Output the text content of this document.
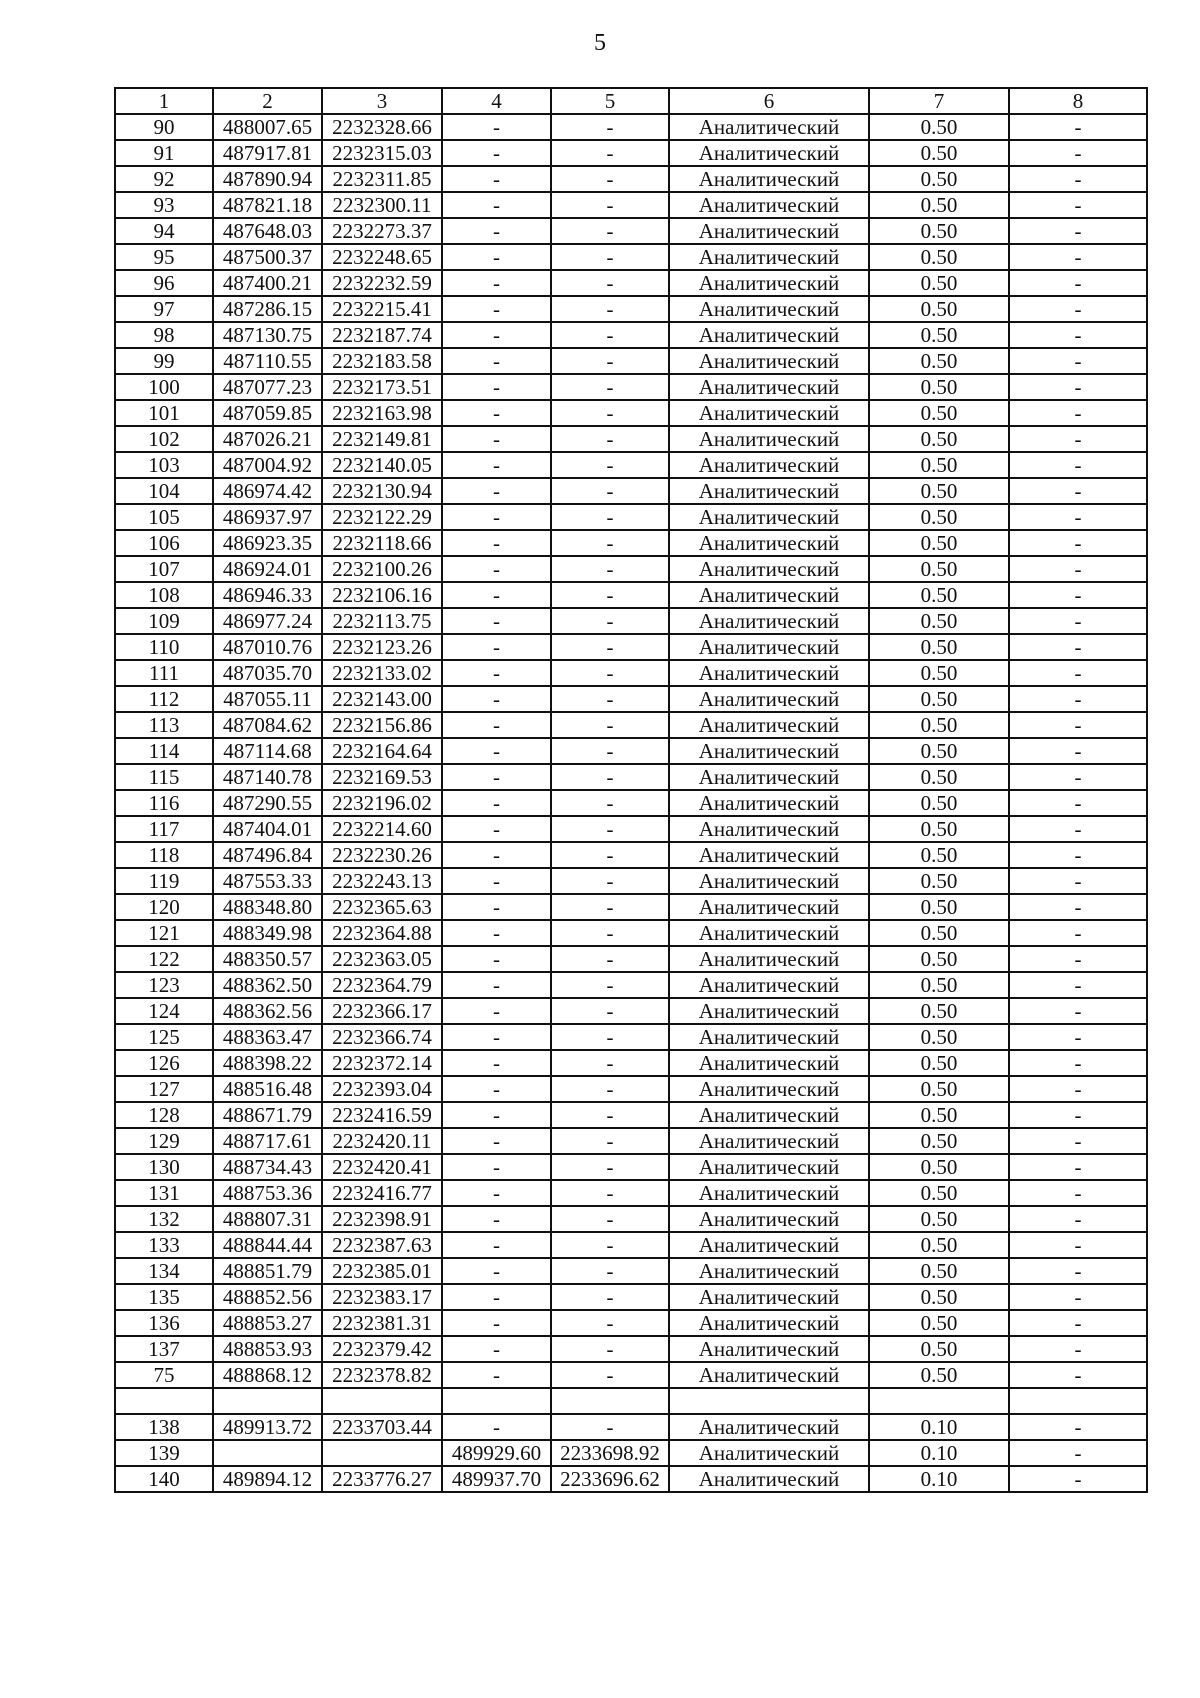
5
1	2	3	4	5	6	7	8
90	488007.65	2232328.66	-	-	Аналитический	0.50	-
91	487917.81	2232315.03	-	-	Аналитический	0.50	-
92	487890.94	2232311.85	-	-	Аналитический	0.50	-
93	487821.18	2232300.11	-	-	Аналитический	0.50	-
94	487648.03	2232273.37	-	-	Аналитический	0.50	-
95	487500.37	2232248.65	-	-	Аналитический	0.50	-
96	487400.21	2232232.59	-	-	Аналитический	0.50	-
97	487286.15	2232215.41	-	-	Аналитический	0.50	-
98	487130.75	2232187.74	-	-	Аналитический	0.50	-
99	487110.55	2232183.58	-	-	Аналитический	0.50	-
100	487077.23	2232173.51	-	-	Аналитический	0.50	-
101	487059.85	2232163.98	-	-	Аналитический	0.50	-
102	487026.21	2232149.81	-	-	Аналитический	0.50	-
103	487004.92	2232140.05	-	-	Аналитический	0.50	-
104	486974.42	2232130.94	-	-	Аналитический	0.50	-
105	486937.97	2232122.29	-	-	Аналитический	0.50	-
106	486923.35	2232118.66	-	-	Аналитический	0.50	-
107	486924.01	2232100.26	-	-	Аналитический	0.50	-
108	486946.33	2232106.16	-	-	Аналитический	0.50	-
109	486977.24	2232113.75	-	-	Аналитический	0.50	-
110	487010.76	2232123.26	-	-	Аналитический	0.50	-
111	487035.70	2232133.02	-	-	Аналитический	0.50	-
112	487055.11	2232143.00	-	-	Аналитический	0.50	-
113	487084.62	2232156.86	-	-	Аналитический	0.50	-
114	487114.68	2232164.64	-	-	Аналитический	0.50	-
115	487140.78	2232169.53	-	-	Аналитический	0.50	-
116	487290.55	2232196.02	-	-	Аналитический	0.50	-
117	487404.01	2232214.60	-	-	Аналитический	0.50	-
118	487496.84	2232230.26	-	-	Аналитический	0.50	-
119	487553.33	2232243.13	-	-	Аналитический	0.50	-
120	488348.80	2232365.63	-	-	Аналитический	0.50	-
121	488349.98	2232364.88	-	-	Аналитический	0.50	-
122	488350.57	2232363.05	-	-	Аналитический	0.50	-
123	488362.50	2232364.79	-	-	Аналитический	0.50	-
124	488362.56	2232366.17	-	-	Аналитический	0.50	-
125	488363.47	2232366.74	-	-	Аналитический	0.50	-
126	488398.22	2232372.14	-	-	Аналитический	0.50	-
127	488516.48	2232393.04	-	-	Аналитический	0.50	-
128	488671.79	2232416.59	-	-	Аналитический	0.50	-
129	488717.61	2232420.11	-	-	Аналитический	0.50	-
130	488734.43	2232420.41	-	-	Аналитический	0.50	-
131	488753.36	2232416.77	-	-	Аналитический	0.50	-
132	488807.31	2232398.91	-	-	Аналитический	0.50	-
133	488844.44	2232387.63	-	-	Аналитический	0.50	-
134	488851.79	2232385.01	-	-	Аналитический	0.50	-
135	488852.56	2232383.17	-	-	Аналитический	0.50	-
136	488853.27	2232381.31	-	-	Аналитический	0.50	-
137	488853.93	2232379.42	-	-	Аналитический	0.50	-
75	488868.12	2232378.82	-	-	Аналитический	0.50	-

138	489913.72	2233703.44	-	-	Аналитический	0.10	-
139			489929.60	2233698.92	Аналитический	0.10	-
140	489894.12	2233776.27	489937.70	2233696.62	Аналитический	0.10	-
